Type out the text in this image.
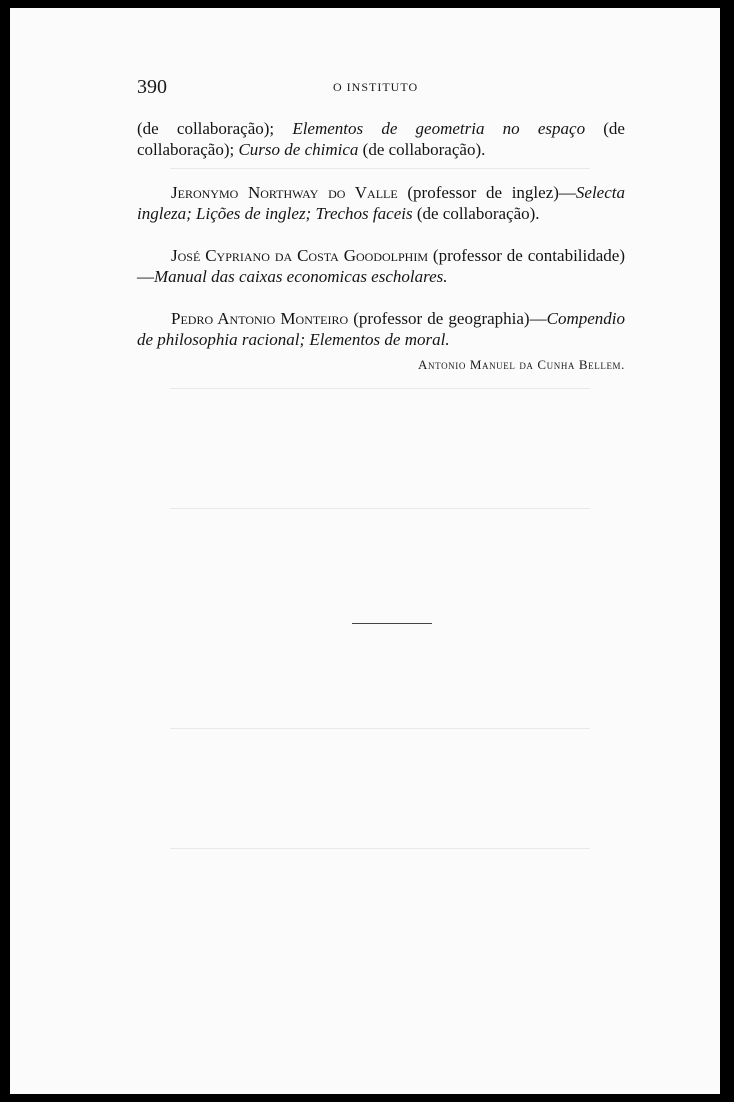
390	O INSTITUTO

(de collaboração); Elementos de geometria no espaço (de collaboração); Curso de chimica (de collaboração).

Jeronymo Northway do Valle (professor de inglez)—Selecta ingleza; Lições de inglez; Trechos faceis (de collaboração).

José Cypriano da Costa Goodolphim (professor de contabilidade)—Manual das caixas economicas escholares.

Pedro Antonio Monteiro (professor de geographia)—Compendio de philosophia racional; Elementos de moral.

Antonio Manuel da Cunha Bellem.
